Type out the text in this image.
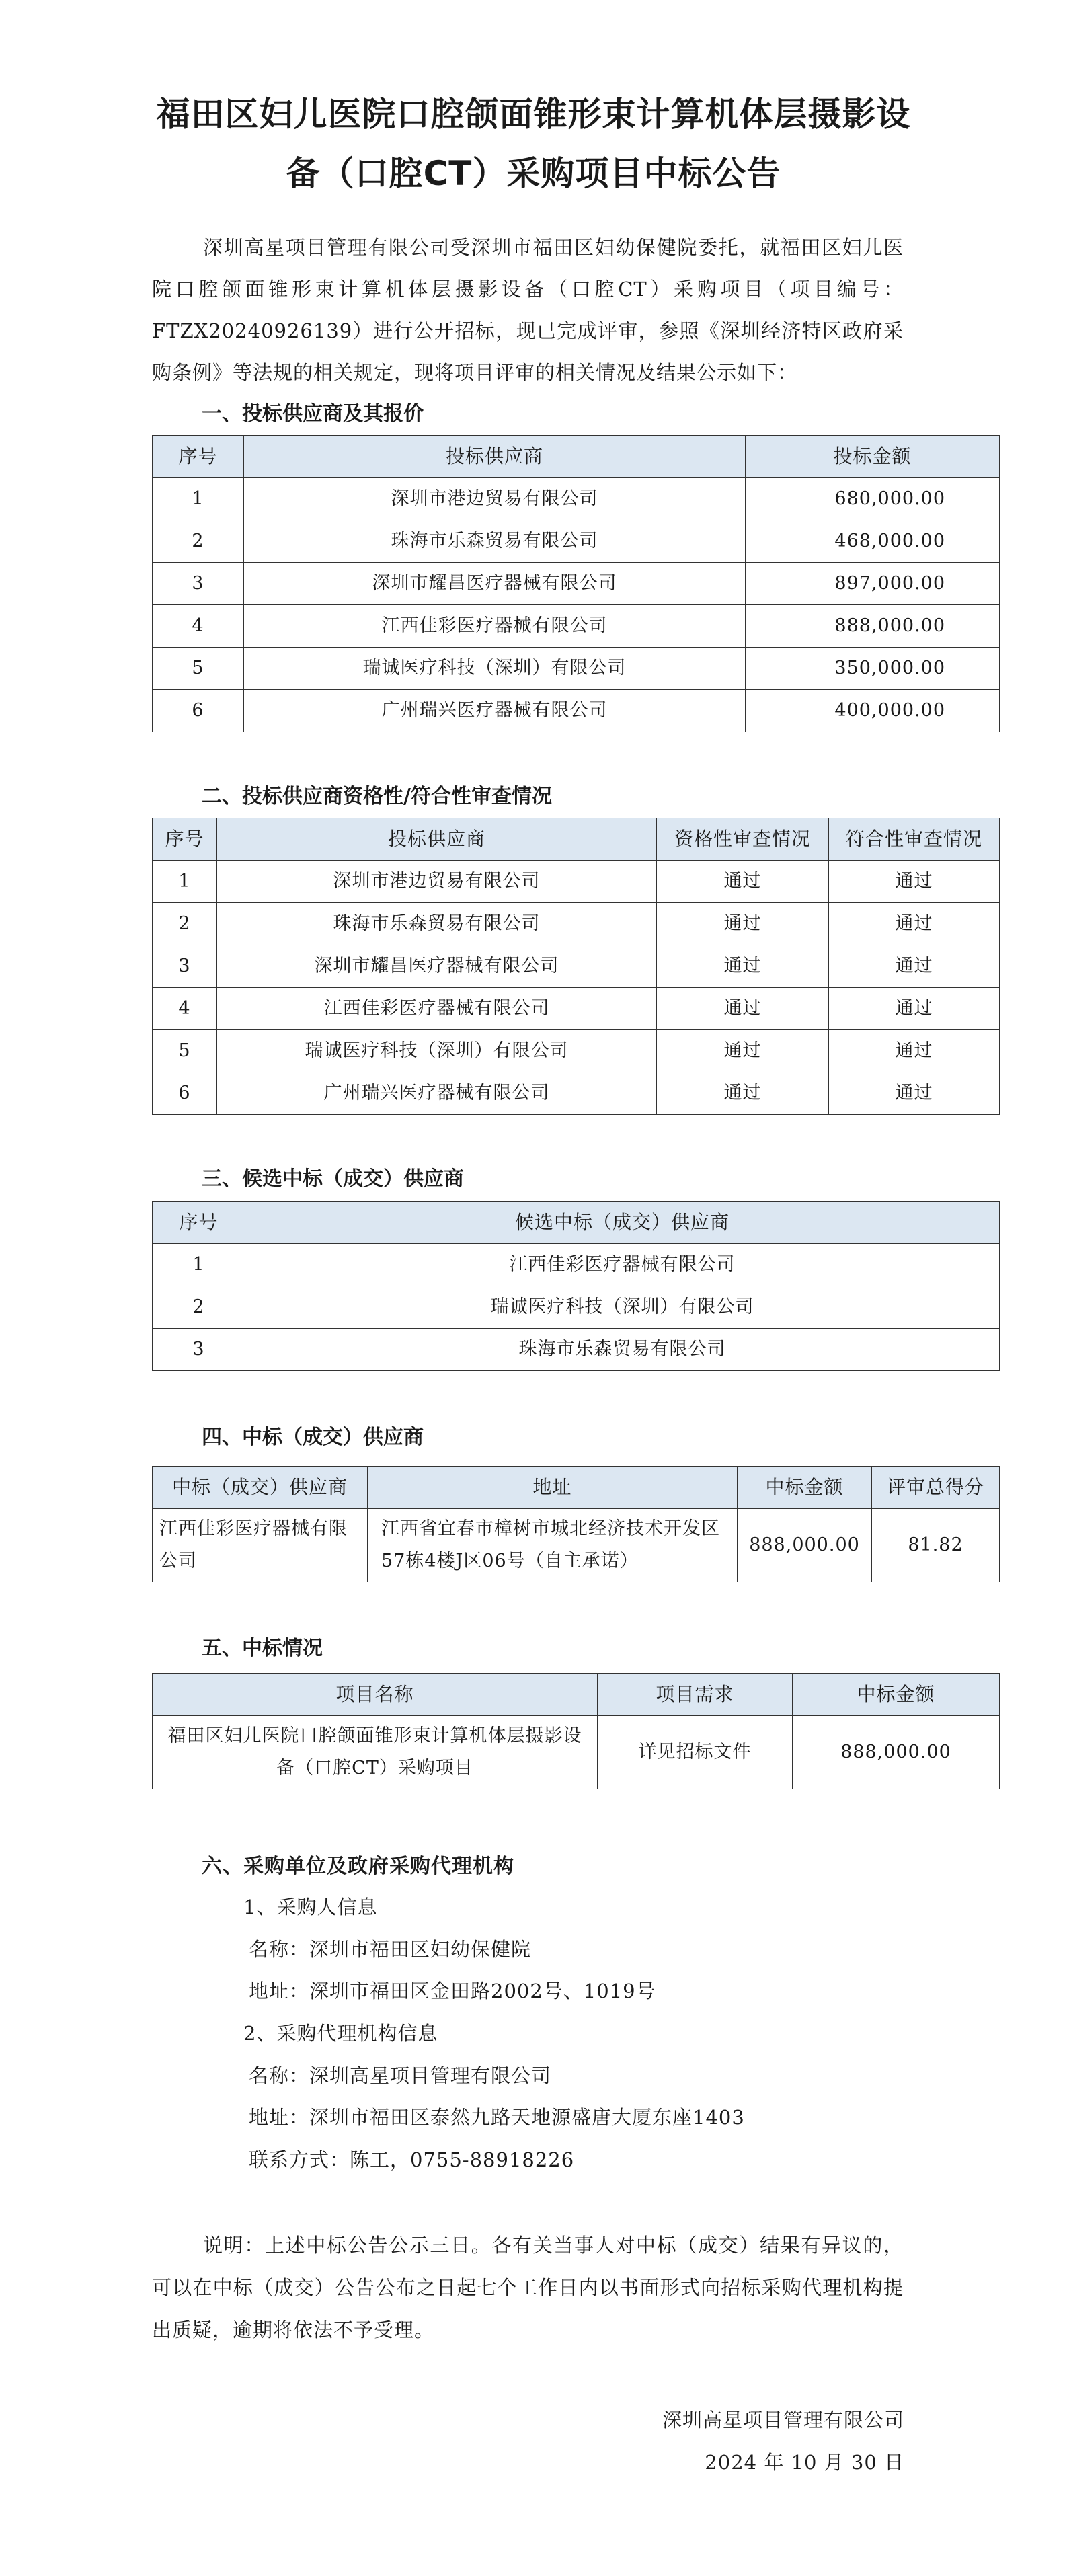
福田区妇儿医院口腔颌面锥形束计算机体层摄影设
备（口腔CT）采购项目中标公告
深圳高星项目管理有限公司受深圳市福田区妇幼保健院委托，就福田区妇儿医院口腔颌面锥形束计算机体层摄影设备（口腔CT）采购项目（项目编号：FTZX20240926139）进行公开招标，现已完成评审，参照《深圳经济特区政府采购条例》等法规的相关规定，现将项目评审的相关情况及结果公示如下：
一、投标供应商及其报价
序号	投标供应商	投标金额
1	深圳市港边贸易有限公司	680,000.00
2	珠海市乐森贸易有限公司	468,000.00
3	深圳市耀昌医疗器械有限公司	897,000.00
4	江西佳彩医疗器械有限公司	888,000.00
5	瑞诚医疗科技（深圳）有限公司	350,000.00
6	广州瑞兴医疗器械有限公司	400,000.00
二、投标供应商资格性/符合性审查情况
序号	投标供应商	资格性审查情况	符合性审查情况
1	深圳市港边贸易有限公司	通过	通过
2	珠海市乐森贸易有限公司	通过	通过
3	深圳市耀昌医疗器械有限公司	通过	通过
4	江西佳彩医疗器械有限公司	通过	通过
5	瑞诚医疗科技（深圳）有限公司	通过	通过
6	广州瑞兴医疗器械有限公司	通过	通过
三、候选中标（成交）供应商
序号	候选中标（成交）供应商
1	江西佳彩医疗器械有限公司
2	瑞诚医疗科技（深圳）有限公司
3	珠海市乐森贸易有限公司
四、中标（成交）供应商
中标（成交）供应商	地址	中标金额	评审总得分
江西佳彩医疗器械有限公司	江西省宜春市樟树市城北经济技术开发区57栋4楼J区06号（自主承诺）	888,000.00	81.82
五、中标情况
项目名称	项目需求	中标金额
福田区妇儿医院口腔颌面锥形束计算机体层摄影设备（口腔CT）采购项目	详见招标文件	888,000.00
六、采购单位及政府采购代理机构
1、采购人信息
名称：深圳市福田区妇幼保健院
地址：深圳市福田区金田路2002号、1019号
2、采购代理机构信息
名称：深圳高星项目管理有限公司
地址：深圳市福田区泰然九路天地源盛唐大厦东座1403
联系方式：陈工，0755-88918226
说明：上述中标公告公示三日。各有关当事人对中标（成交）结果有异议的，可以在中标（成交）公告公布之日起七个工作日内以书面形式向招标采购代理机构提出质疑，逾期将依法不予受理。
深圳高星项目管理有限公司
2024 年 10 月 30 日
